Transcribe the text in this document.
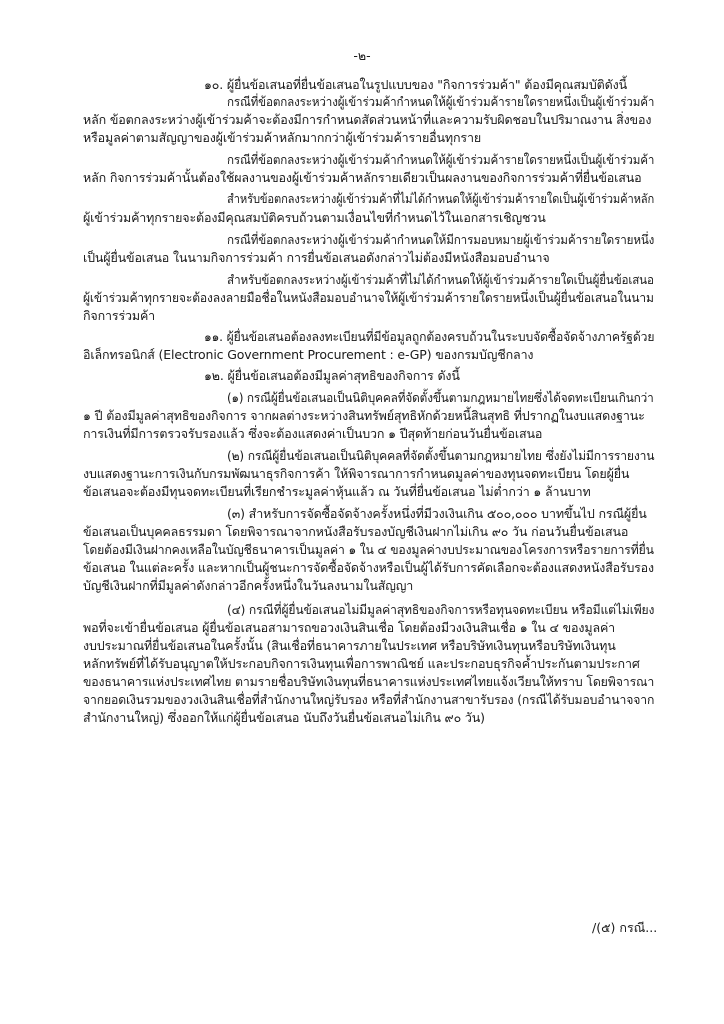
-๒-
๑๐. ผู้ยื่นข้อเสนอที่ยื่นข้อเสนอในรูปแบบของ "กิจการร่วมค้า" ต้องมีคุณสมบัติดังนี้
กรณีที่ข้อตกลงระหว่างผู้เข้าร่วมค้ากำหนดให้ผู้เข้าร่วมค้ารายใดรายหนึ่งเป็นผู้เข้าร่วมค้า
หลัก ข้อตกลงระหว่างผู้เข้าร่วมค้าจะต้องมีการกำหนดสัดส่วนหน้าที่และความรับผิดชอบในปริมาณงาน สิ่งของ
หรือมูลค่าตามสัญญาของผู้เข้าร่วมค้าหลักมากกว่าผู้เข้าร่วมค้ารายอื่นทุกราย
กรณีที่ข้อตกลงระหว่างผู้เข้าร่วมค้ากำหนดให้ผู้เข้าร่วมค้ารายใดรายหนึ่งเป็นผู้เข้าร่วมค้า
หลัก กิจการร่วมค้านั้นต้องใช้ผลงานของผู้เข้าร่วมค้าหลักรายเดียวเป็นผลงานของกิจการร่วมค้าที่ยื่นข้อเสนอ
สำหรับข้อตกลงระหว่างผู้เข้าร่วมค้าที่ไม่ได้กำหนดให้ผู้เข้าร่วมค้ารายใดเป็นผู้เข้าร่วมค้าหลัก
ผู้เข้าร่วมค้าทุกรายจะต้องมีคุณสมบัติครบถ้วนตามเงื่อนไขที่กำหนดไว้ในเอกสารเชิญชวน
กรณีที่ข้อตกลงระหว่างผู้เข้าร่วมค้ากำหนดให้มีการมอบหมายผู้เข้าร่วมค้ารายใดรายหนึ่ง
เป็นผู้ยื่นข้อเสนอ ในนามกิจการร่วมค้า การยื่นข้อเสนอดังกล่าวไม่ต้องมีหนังสือมอบอำนาจ
สำหรับข้อตกลงระหว่างผู้เข้าร่วมค้าที่ไม่ได้กำหนดให้ผู้เข้าร่วมค้ารายใดเป็นผู้ยื่นข้อเสนอ
ผู้เข้าร่วมค้าทุกรายจะต้องลงลายมือชื่อในหนังสือมอบอำนาจให้ผู้เข้าร่วมค้ารายใดรายหนึ่งเป็นผู้ยื่นข้อเสนอในนาม
กิจการร่วมค้า
๑๑. ผู้ยื่นข้อเสนอต้องลงทะเบียนที่มีข้อมูลถูกต้องครบถ้วนในระบบจัดซื้อจัดจ้างภาครัฐด้วย
อิเล็กทรอนิกส์ (Electronic Government Procurement : e-GP) ของกรมบัญชีกลาง
๑๒. ผู้ยื่นข้อเสนอต้องมีมูลค่าสุทธิของกิจการ ดังนี้
(๑) กรณีผู้ยื่นข้อเสนอเป็นนิติบุคคลที่จัดตั้งขึ้นตามกฎหมายไทยซึ่งได้จดทะเบียนเกินกว่า
๑ ปี ต้องมีมูลค่าสุทธิของกิจการ จากผลต่างระหว่างสินทรัพย์สุทธิหักด้วยหนี้สินสุทธิ ที่ปรากฏในงบแสดงฐานะ
การเงินที่มีการตรวจรับรองแล้ว ซึ่งจะต้องแสดงค่าเป็นบวก ๑ ปีสุดท้ายก่อนวันยื่นข้อเสนอ
(๒) กรณีผู้ยื่นข้อเสนอเป็นนิติบุคคลที่จัดตั้งขึ้นตามกฎหมายไทย ซึ่งยังไม่มีการรายงาน
งบแสดงฐานะการเงินกับกรมพัฒนาธุรกิจการค้า ให้พิจารณาการกำหนดมูลค่าของทุนจดทะเบียน โดยผู้ยื่น
ข้อเสนอจะต้องมีทุนจดทะเบียนที่เรียกชำระมูลค่าหุ้นแล้ว ณ วันที่ยื่นข้อเสนอ ไม่ต่ำกว่า ๑ ล้านบาท
(๓) สำหรับการจัดซื้อจัดจ้างครั้งหนึ่งที่มีวงเงินเกิน ๕๐๐,๐๐๐ บาทขึ้นไป กรณีผู้ยื่น
ข้อเสนอเป็นบุคคลธรรมดา โดยพิจารณาจากหนังสือรับรองบัญชีเงินฝากไม่เกิน ๙๐ วัน ก่อนวันยื่นข้อเสนอ
โดยต้องมีเงินฝากคงเหลือในบัญชีธนาคารเป็นมูลค่า ๑ ใน ๔ ของมูลค่างบประมาณของโครงการหรือรายการที่ยื่น
ข้อเสนอ ในแต่ละครั้ง และหากเป็นผู้ชนะการจัดซื้อจัดจ้างหรือเป็นผู้ได้รับการคัดเลือกจะต้องแสดงหนังสือรับรอง
บัญชีเงินฝากที่มีมูลค่าดังกล่าวอีกครั้งหนึ่งในวันลงนามในสัญญา
(๔) กรณีที่ผู้ยื่นข้อเสนอไม่มีมูลค่าสุทธิของกิจการหรือทุนจดทะเบียน หรือมีแต่ไม่เพียง
พอที่จะเข้ายื่นข้อเสนอ ผู้ยื่นข้อเสนอสามารถขอวงเงินสินเชื่อ โดยต้องมีวงเงินสินเชื่อ ๑ ใน ๔ ของมูลค่า
งบประมาณที่ยื่นข้อเสนอในครั้งนั้น (สินเชื่อที่ธนาคารภายในประเทศ หรือบริษัทเงินทุนหรือบริษัทเงินทุน
หลักทรัพย์ที่ได้รับอนุญาตให้ประกอบกิจการเงินทุนเพื่อการพาณิชย์ และประกอบธุรกิจค้ำประกันตามประกาศ
ของธนาคารแห่งประเทศไทย ตามรายชื่อบริษัทเงินทุนที่ธนาคารแห่งประเทศไทยแจ้งเวียนให้ทราบ โดยพิจารณา
จากยอดเงินรวมของวงเงินสินเชื่อที่สำนักงานใหญ่รับรอง หรือที่สำนักงานสาขารับรอง (กรณีได้รับมอบอำนาจจาก
สำนักงานใหญ่) ซึ่งออกให้แก่ผู้ยื่นข้อเสนอ นับถึงวันยื่นข้อเสนอไม่เกิน ๙๐ วัน)
/(๕) กรณี...
